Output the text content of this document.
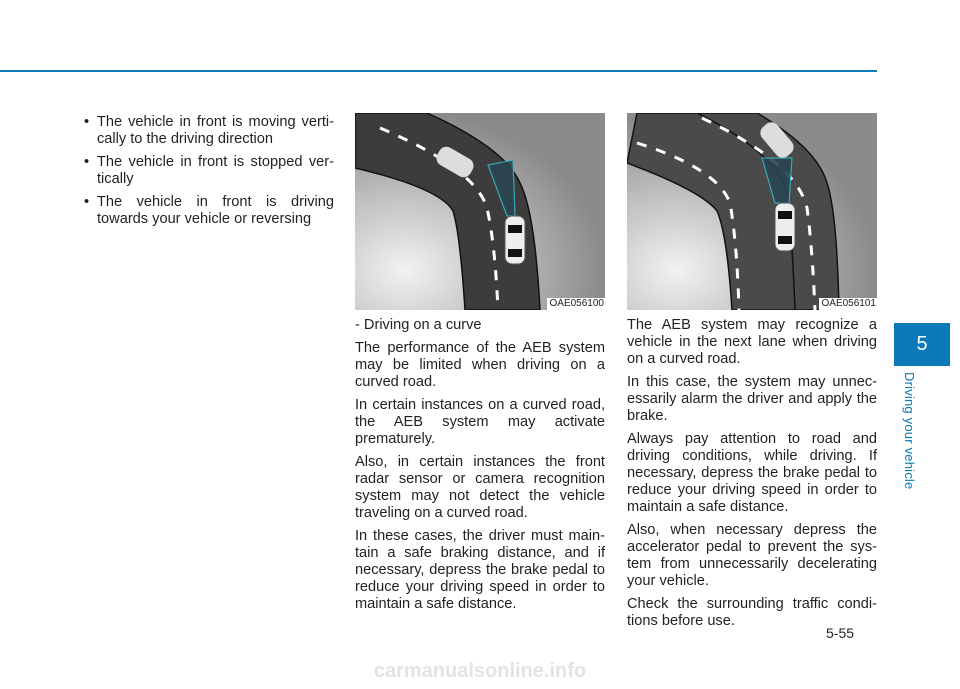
• The vehicle in front is moving verti-cally to the driving direction
• The vehicle in front is stopped ver-tically
• The vehicle in front is driving towards your vehicle or reversing
OAE056100	OAE056101

- Driving on a curve

The performance of the AEB system may be limited when driving on a curved road.

In certain instances on a curved road, the AEB system may activate prematurely.

Also, in certain instances the front radar sensor or camera recognition system may not detect the vehicle traveling on a curved road.

In these cases, the driver must main-tain a safe braking distance, and if necessary, depress the brake pedal to reduce your driving speed in order to maintain a safe distance.

The AEB system may recognize a vehicle in the next lane when driving on a curved road.

In this case, the system may unnec-essarily alarm the driver and apply the brake.

Always pay attention to road and driving conditions, while driving. If necessary, depress the brake pedal to reduce your driving speed in order to maintain a safe distance.

Also, when necessary depress the accelerator pedal to prevent the sys-tem from unnecessarily decelerating your vehicle.

Check the surrounding traffic condi-tions before use.

5
Driving your vehicle
5-55
carmanualsonline.info
